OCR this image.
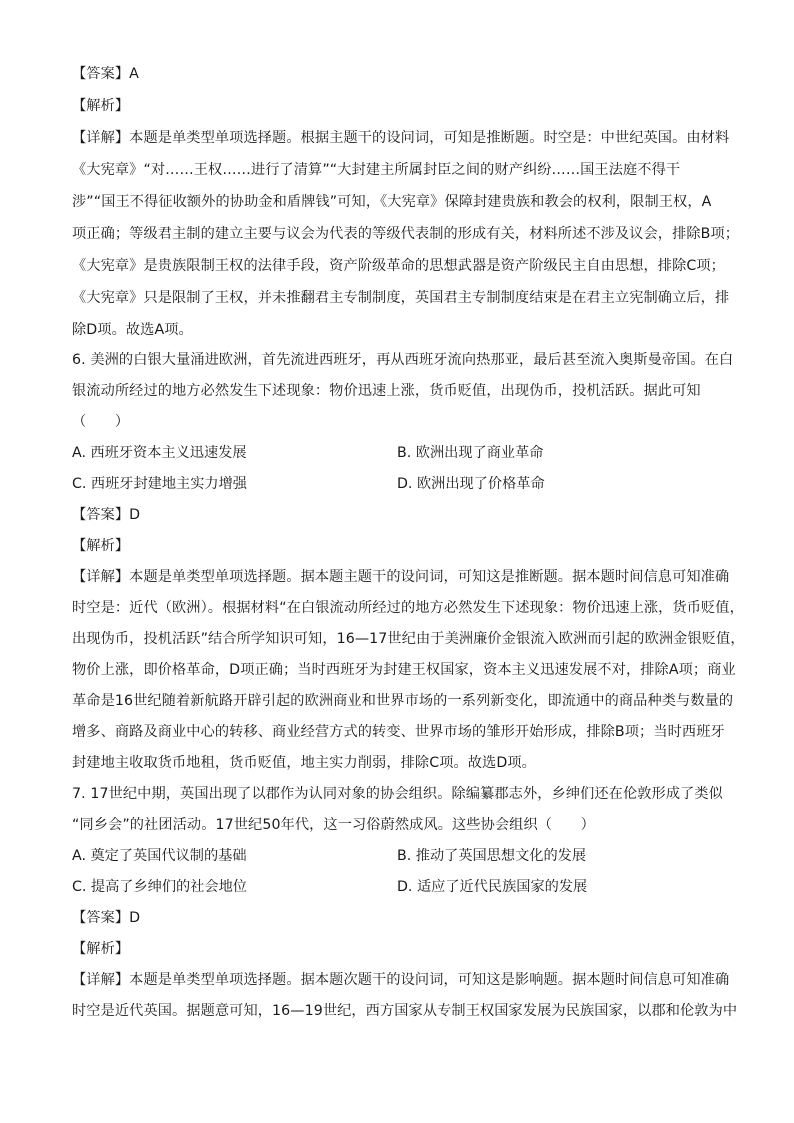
【答案】A
【解析】
【详解】本题是单类型单项选择题。根据主题干的设问词，可知是推断题。时空是：中世纪英国。由材料
《大宪章》“对……王权……进行了清算”“大封建主所属封臣之间的财产纠纷……国王法庭不得干
涉”“国王不得征收额外的协助金和盾牌钱”可知，《大宪章》保障封建贵族和教会的权利，限制王权，A
项正确；等级君主制的建立主要与议会为代表的等级代表制的形成有关，材料所述不涉及议会，排除B项；
《大宪章》是贵族限制王权的法律手段，资产阶级革命的思想武器是资产阶级民主自由思想，排除C项；
《大宪章》只是限制了王权，并未推翻君主专制制度，英国君主专制制度结束是在君主立宪制确立后，排
除D项。故选A项。
6. 美洲的白银大量涌进欧洲，首先流进西班牙，再从西班牙流向热那亚，最后甚至流入奥斯曼帝国。在白
银流动所经过的地方必然发生下述现象：物价迅速上涨，货币贬值，出现伪币，投机活跃。据此可知
（　　）
A. 西班牙资本主义迅速发展	B. 欧洲出现了商业革命
C. 西班牙封建地主实力增强	D. 欧洲出现了价格革命
【答案】D
【解析】
【详解】本题是单类型单项选择题。据本题主题干的设问词，可知这是推断题。据本题时间信息可知准确
时空是：近代（欧洲）。根据材料“在白银流动所经过的地方必然发生下述现象：物价迅速上涨，货币贬值，
出现伪币，投机活跃”结合所学知识可知，16—17世纪由于美洲廉价金银流入欧洲而引起的欧洲金银贬值，
物价上涨，即价格革命，D项正确；当时西班牙为封建王权国家，资本主义迅速发展不对，排除A项；商业
革命是16世纪随着新航路开辟引起的欧洲商业和世界市场的一系列新变化，即流通中的商品种类与数量的
增多、商路及商业中心的转移、商业经营方式的转变、世界市场的雏形开始形成，排除B项；当时西班牙
封建地主收取货币地租，货币贬值，地主实力削弱，排除C项。故选D项。
7. 17世纪中期，英国出现了以郡作为认同对象的协会组织。除编纂郡志外，乡绅们还在伦敦形成了类似
“同乡会”的社团活动。17世纪50年代，这一习俗蔚然成风。这些协会组织（　　）
A. 奠定了英国代议制的基础	B. 推动了英国思想文化的发展
C. 提高了乡绅们的社会地位	D. 适应了近代民族国家的发展
【答案】D
【解析】
【详解】本题是单类型单项选择题。据本题次题干的设问词，可知这是影响题。据本题时间信息可知准确
时空是近代英国。据题意可知，16—19世纪，西方国家从专制王权国家发展为民族国家，以郡和伦敦为中
